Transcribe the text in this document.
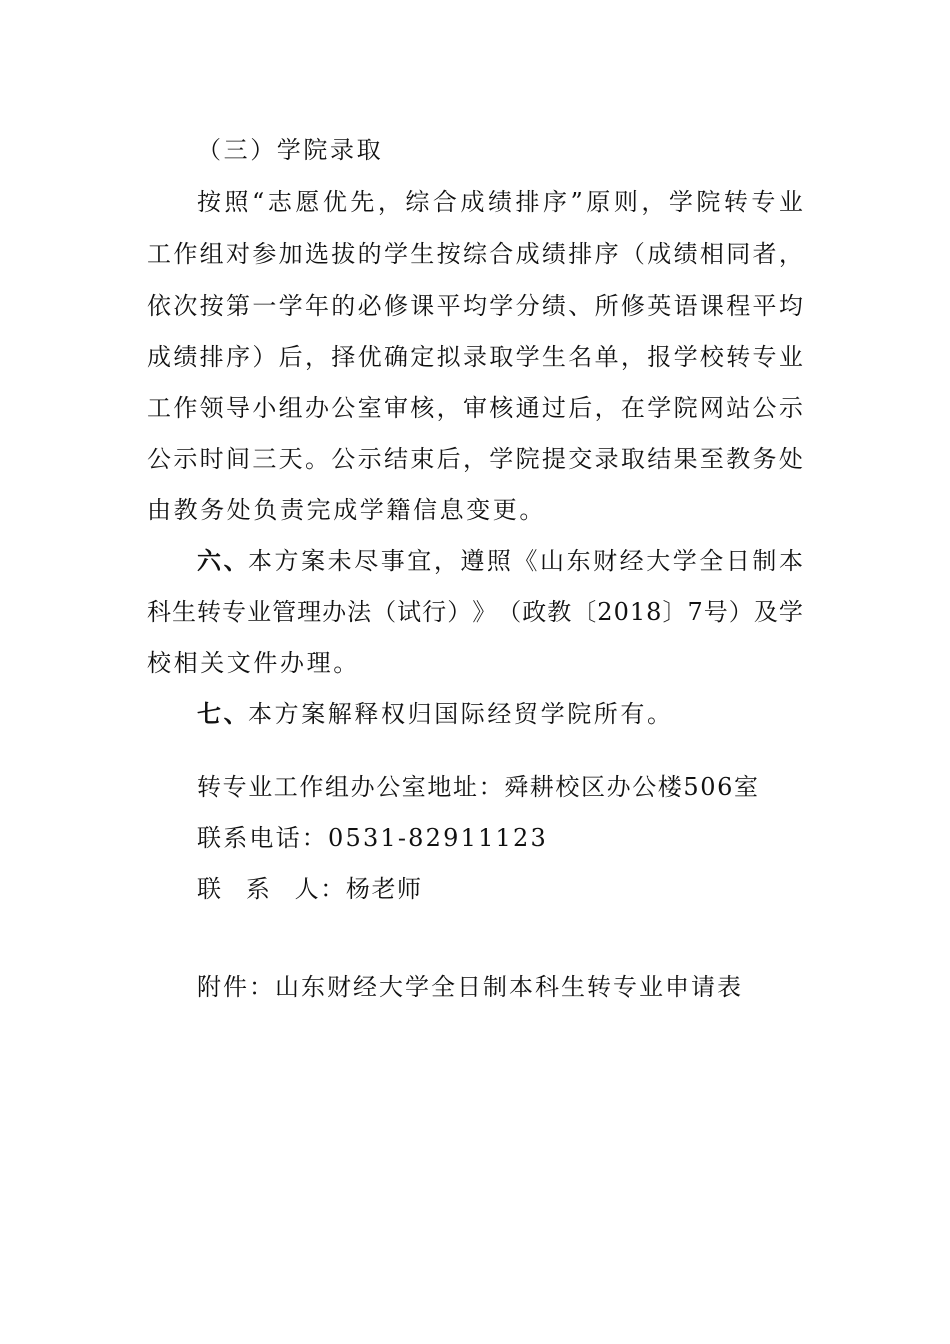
（三）学院录取
按 照 “ 志 愿 优 先 ， 综 合 成 绩 排 序 ” 原 则 ， 学 院 转 专 业
工 作 组 对 参 加 选 拔 的 学 生 按 综 合 成 绩 排 序 （ 成 绩 相 同 者 ，
依 次 按 第 一 学 年 的 必 修 课 平 均 学 分 绩 、 所 修 英 语 课 程 平 均
成 绩 排 序 ） 后 ， 择 优 确 定 拟 录 取 学 生 名 单 ， 报 学 校 转 专 业
工 作 领 导 小 组 办 公 室 审 核 ， 审 核 通 过 后 ， 在 学 院 网 站 公 示
公 示 时 间 三 天 。 公 示 结 束 后 ， 学 院 提 交 录 取 结 果 至 教 务 处
由教务处负责完成学籍信息变更。
六、
本 方 案 未 尽 事 宜 ， 遵 照 《 山 东 财 经 大 学 全 日 制 本
科 生 转 专 业 管 理 办 法 （ 试 行 ） 》 （ 政 教 〔 2 0 1 8 〕 7 号 ） 及 学
校相关文件办理。
七、
本方案解释权归国际经贸学院所有。
转专业工作组办公室地址：舜耕校区办公楼506室
联系电话：0531-82911123
联 系 人：杨老师
附件：山东财经大学全日制本科生转专业申请表
